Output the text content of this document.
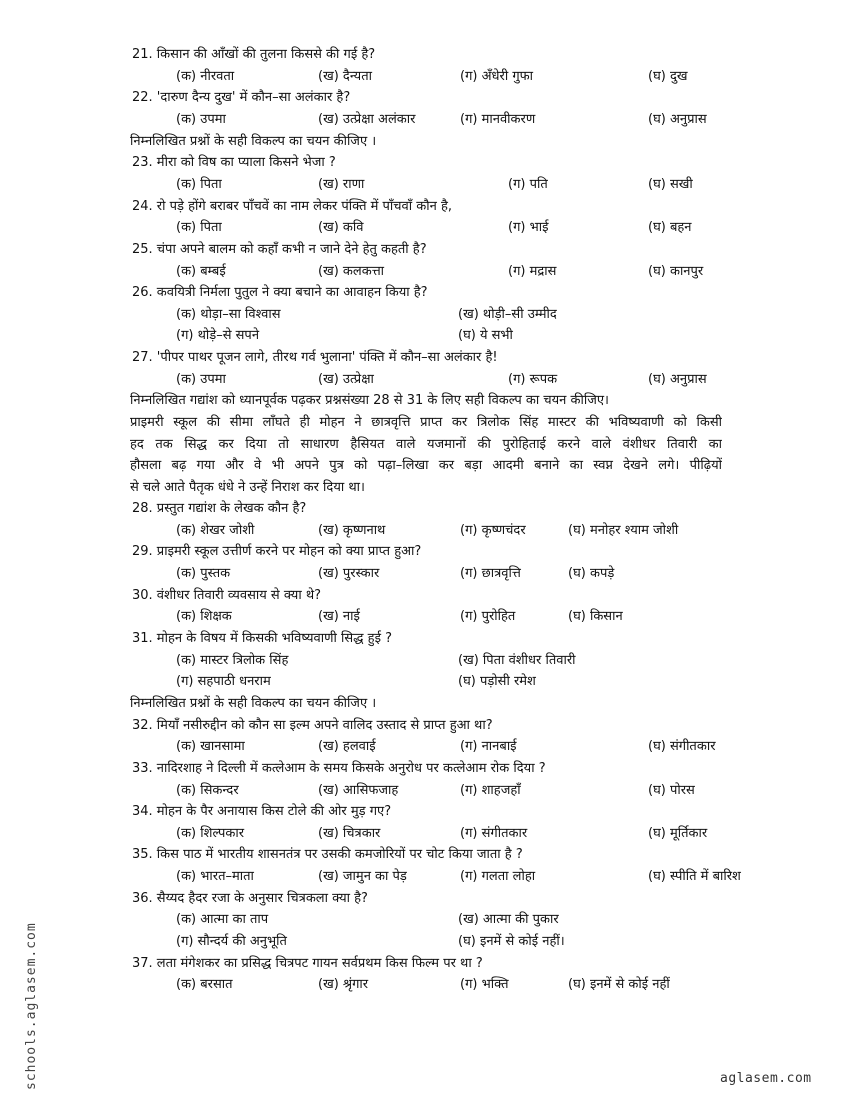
21. किसान की आँखों की तुलना किससे की गई है?
(क) नीरवता	(ख) दैन्यता	(ग) अँधेरी गुफा	(घ) दुख
22. 'दारुण दैन्य दुख' में कौन–सा अलंकार है?
(क) उपमा	(ख) उत्प्रेक्षा अलंकार	(ग) मानवीकरण	(घ) अनुप्रास
निम्नलिखित प्रश्नों के सही विकल्प का चयन कीजिए ।
23. मीरा को विष का प्याला किसने भेजा ?
(क) पिता	(ख) राणा	(ग) पति	(घ) सखी
24. रो पड़े होंगे बराबर पाँचवें का नाम लेकर पंक्ति में पाँचवाँ कौन है,
(क) पिता	(ख) कवि	(ग) भाई	(घ) बहन
25. चंपा अपने बालम को कहाँ कभी न जाने देने हेतु कहती है?
(क) बम्बई	(ख) कलकत्ता	(ग) मद्रास	(घ) कानपुर
26. कवयित्री निर्मला पुतुल ने क्या बचाने का आवाहन किया है?
(क) थोड़ा–सा विश्वास	(ख) थोड़ी–सी उम्मीद
(ग) थोड़े–से सपने	(घ) ये सभी
27. 'पीपर पाथर पूजन लागे, तीरथ गर्व भुलाना' पंक्ति में कौन–सा अलंकार है!
(क) उपमा	(ख) उत्प्रेक्षा	(ग) रूपक	(घ) अनुप्रास
निम्नलिखित गद्यांश को ध्यानपूर्वक पढ़कर प्रश्नसंख्या 28 से 31 के लिए सही विकल्प का चयन कीजिए।
प्राइमरी स्कूल की सीमा लाँघते ही मोहन ने छात्रवृत्ति प्राप्त कर त्रिलोक सिंह मास्टर की भविष्यवाणी को किसी
हद तक सिद्ध कर दिया तो साधारण हैसियत वाले यजमानों की पुरोहिताई करने वाले वंशीधर तिवारी का
हौसला बढ़ गया और वे भी अपने पुत्र को पढ़ा–लिखा कर बड़ा आदमी बनाने का स्वप्न देखने लगे। पीढ़ियों
से चले आते पैतृक धंधे ने उन्हें निराश कर दिया था।
28. प्रस्तुत गद्यांश के लेखक कौन है?
(क) शेखर जोशी	(ख) कृष्णनाथ	(ग) कृष्णचंदर	(घ) मनोहर श्याम जोशी
29. प्राइमरी स्कूल उत्तीर्ण करने पर मोहन को क्या प्राप्त हुआ?
(क) पुस्तक	(ख) पुरस्कार	(ग) छात्रवृत्ति	(घ) कपड़े
30. वंशीधर तिवारी व्यवसाय से क्या थे?
(क) शिक्षक	(ख) नाई	(ग) पुरोहित	(घ) किसान
31. मोहन के विषय में किसकी भविष्यवाणी सिद्ध हुई ?
(क) मास्टर त्रिलोक सिंह	(ख) पिता वंशीधर तिवारी
(ग) सहपाठी धनराम	(घ) पड़ोसी रमेश
निम्नलिखित प्रश्नों के सही विकल्प का चयन कीजिए ।
32. मियाँ नसीरुद्दीन को कौन सा इल्म अपने वालिद उस्ताद से प्राप्त हुआ था?
(क) खानसामा	(ख) हलवाई	(ग) नानबाई	(घ) संगीतकार
33. नादिरशाह ने दिल्ली में कत्लेआम के समय किसके अनुरोध पर कत्लेआम रोक दिया ?
(क) सिकन्दर	(ख) आसिफजाह	(ग) शाहजहाँ	(घ) पोरस
34. मोहन के पैर अनायास किस टोले की ओर मुड़ गए?
(क) शिल्पकार	(ख) चित्रकार	(ग) संगीतकार	(घ) मूर्तिकार
35. किस पाठ में भारतीय शासनतंत्र पर उसकी कमजोरियों पर चोट किया जाता है ?
(क) भारत–माता	(ख) जामुन का पेड़	(ग) गलता लोहा	(घ) स्पीति में बारिश
36. सैय्यद हैदर रजा के अनुसार चित्रकला क्या है?
(क) आत्मा का ताप	(ख) आत्मा की पुकार
(ग) सौन्दर्य की अनुभूति	(घ) इनमें से कोई नहीं।
37. लता मंगेशकर का प्रसिद्ध चित्रपट गायन सर्वप्रथम किस फिल्म पर था ?
(क) बरसात	(ख) श्रृंगार	(ग) भक्ति	(घ) इनमें से कोई नहीं
schools.aglasem.com	aglasem.com
